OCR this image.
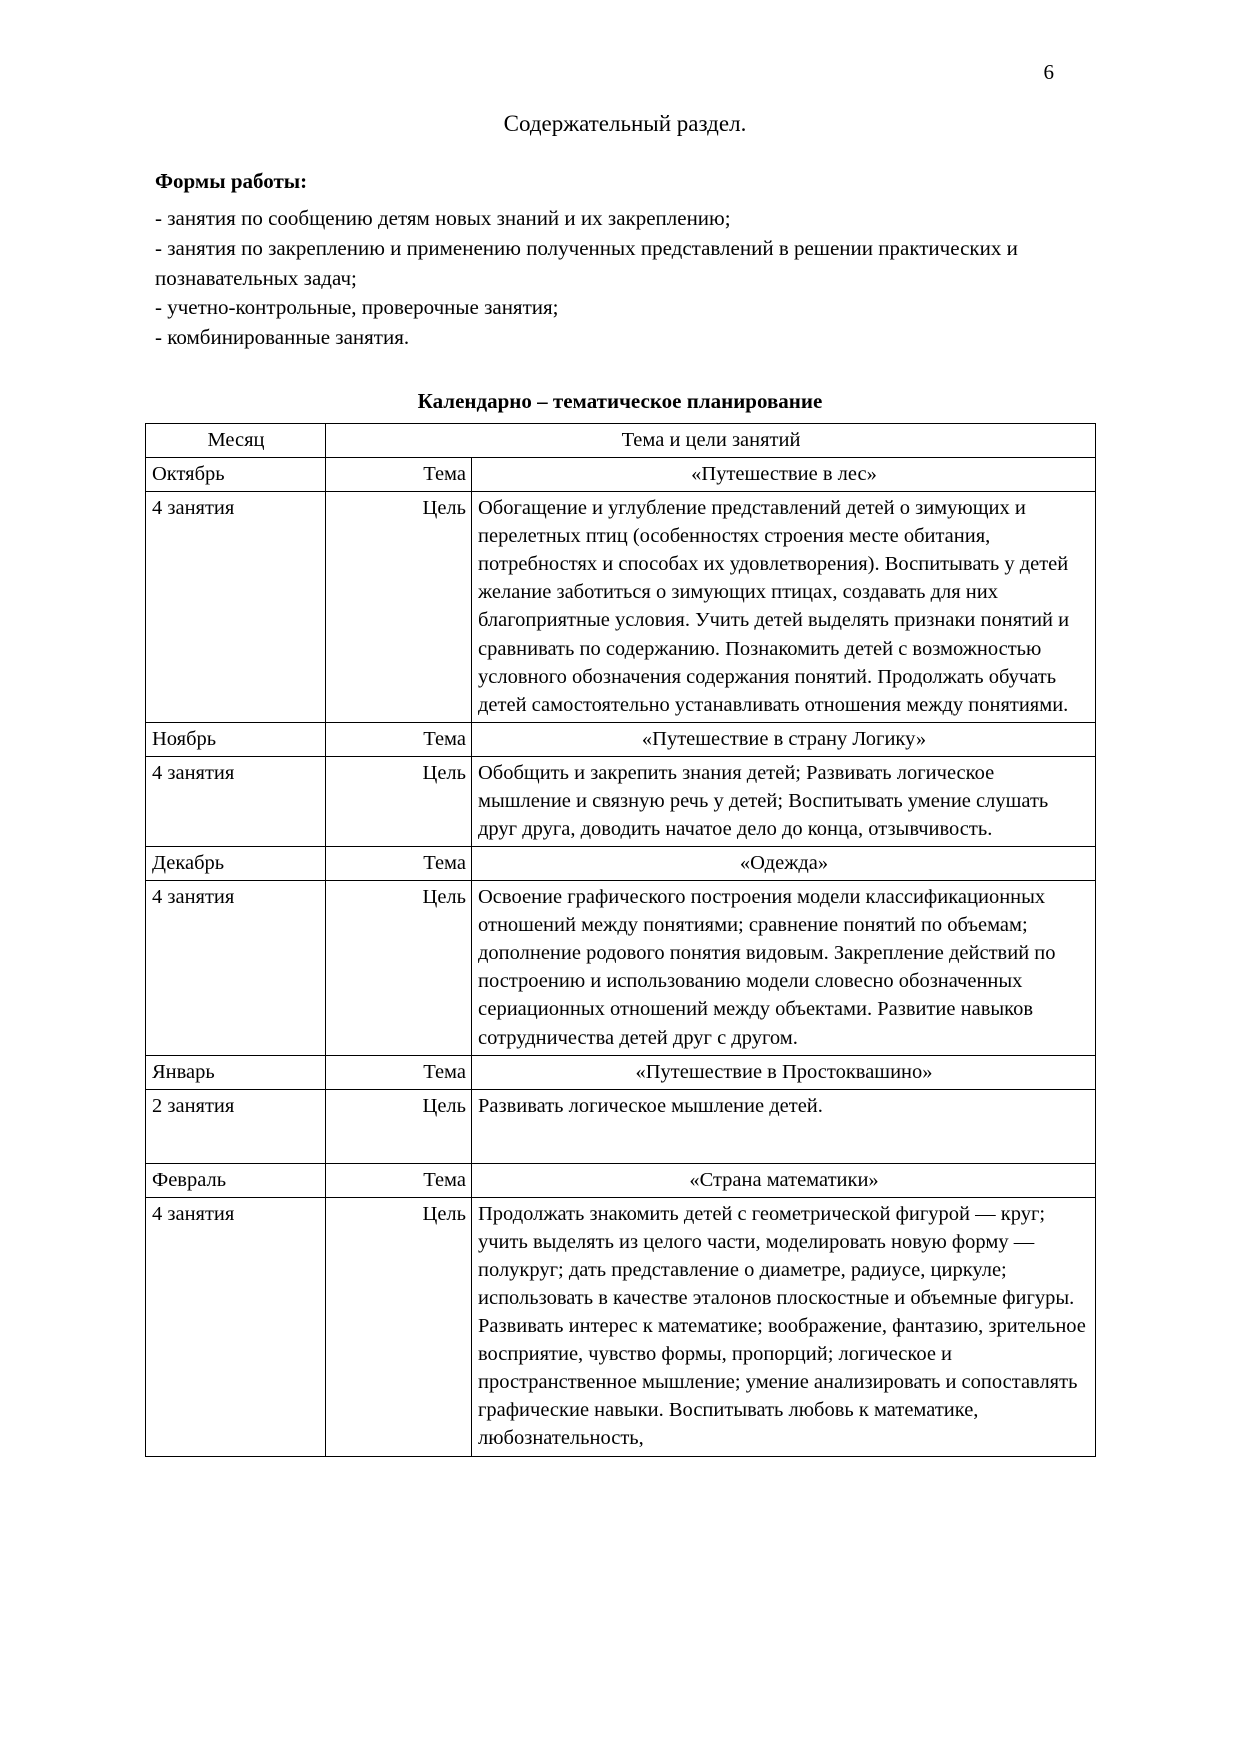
6
Содержательный раздел.
Формы работы:
- занятия по сообщению детям новых знаний и их закреплению;
- занятия по закреплению и применению полученных представлений в решении практических и познавательных задач;
- учетно-контрольные, проверочные занятия;
- комбинированные занятия.
Календарно – тематическое планирование
Месяц	Тема и цели занятий	

Октябрь	Тема	«Путешествие в лес»

4 занятия	Цель	Обогащение и углубление представлений детей о зимующих и перелетных птиц (особенностях строения месте обитания, потребностях и способах их удовлетворения). Воспитывать у детей желание заботиться о зимующих птицах, создавать для них благоприятные условия. Учить детей выделять признаки понятий и сравнивать по содержанию. Познакомить детей с возможностью условного обозначения содержания понятий. Продолжать обучать детей самостоятельно устанавливать отношения между понятиями.

Ноябрь	Тема	«Путешествие в страну Логику»

4 занятия	Цель	Обобщить и закрепить знания детей; Развивать логическое мышление и связную речь у детей; Воспитывать умение слушать друг друга, доводить начатое дело до конца, отзывчивость.

Декабрь	Тема	«Одежда»

4 занятия	Цель	Освоение графического построения модели классификационных отношений между понятиями; сравнение понятий по объемам; дополнение родового понятия видовым. Закрепление действий по построению и использованию модели словесно обозначенных сериационных отношений между объектами. Развитие навыков сотрудничества детей друг с другом.

Январь	Тема	«Путешествие в Простоквашино»

2 занятия	Цель	Развивать логическое мышление детей.

Февраль	Тема	«Страна математики»

4 занятия	Цель	Продолжать знакомить детей с геометрической фигурой — круг; учить выделять из целого части, моделировать новую форму — полукруг; дать представление о диаметре, радиусе, циркуле; использовать в качестве эталонов плоскостные и объемные фигуры. Развивать интерес к математике; воображение, фантазию, зрительное восприятие, чувство формы, пропорций; логическое и пространственное мышление; умение анализировать и сопоставлять графические навыки. Воспитывать любовь к математике, любознательность,
